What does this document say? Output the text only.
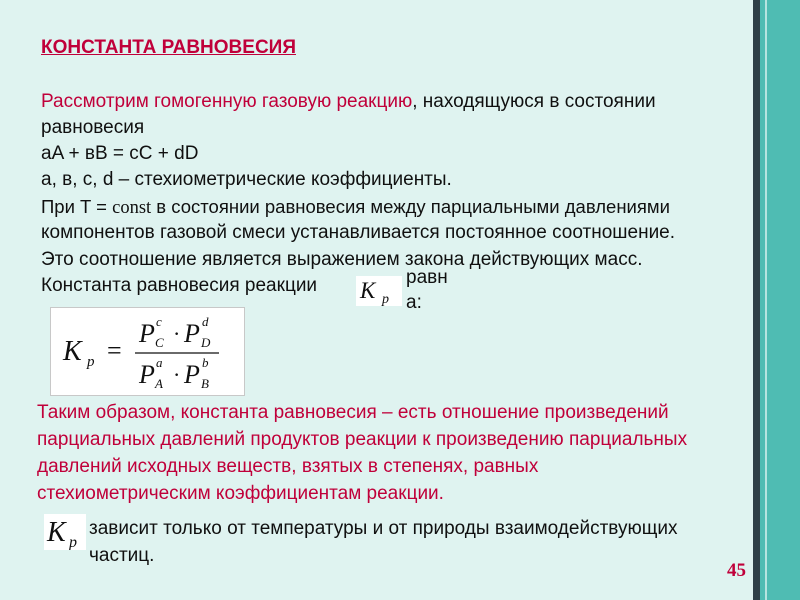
КОНСТАНТА РАВНОВЕСИЯ
Рассмотрим гомогенную газовую реакцию, находящуюся в состоянии
равновесия
aA + вB = cC + dD
a, в, c, d – стехиометрические коэффициенты.
При T = const в состоянии равновесия между парциальными давлениями
компонентов газовой смеси устанавливается постоянное соотношение.
Это соотношение является выражением закона действующих масс.
Константа равновесия реакции K p
равн
а:
K p =
P c
C · P d
D
P a
A · P b
B
Таким образом, константа равновесия – есть отношение произведений
парциальных давлений продуктов реакции к произведению парциальных
давлений исходных веществ, взятых в степенях, равных
стехиометрическим коэффициентам реакции.
K p
зависит только от температуры и от природы взаимодействующих
частиц.
45
